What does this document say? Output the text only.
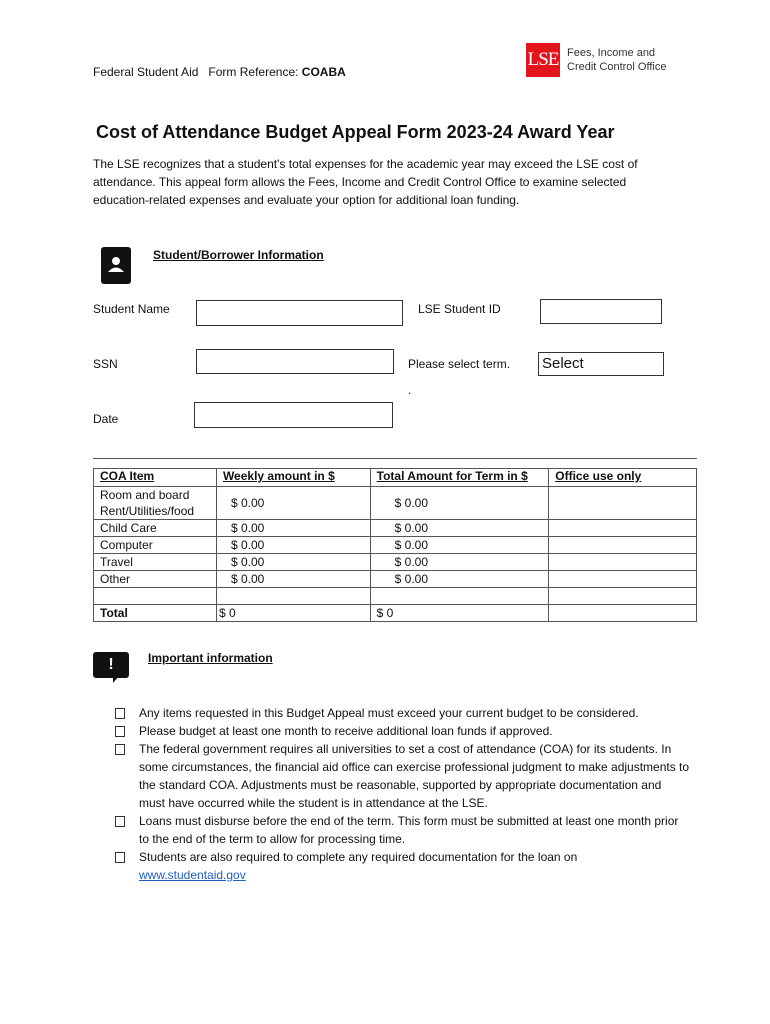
Federal Student Aid Form Reference: COABA
LSE Fees, Income and
Credit Control Office
Cost of Attendance Budget Appeal Form 2023-24 Award Year
The LSE recognizes that a student's total expenses for the academic year may exceed the LSE cost of attendance. This appeal form allows the Fees, Income and Credit Control Office to examine selected education-related expenses and evaluate your option for additional loan funding.
Student/Borrower Information
Student Name	LSE Student ID
SSN	Please select term. Select
.
Date
COA Item	Weekly amount in $	Total Amount for Term in $	Office use only
Room and board Rent/Utilities/food	$ 0.00	$ 0.00	
Child Care	$ 0.00	$ 0.00	
Computer	$ 0.00	$ 0.00	
Travel	$ 0.00	$ 0.00	
Other	$ 0.00	$ 0.00	

Total	$ 0	$ 0	
!	Important information
Any items requested in this Budget Appeal must exceed your current budget to be considered.
Please budget at least one month to receive additional loan funds if approved.
The federal government requires all universities to set a cost of attendance (COA) for its students. In some circumstances, the financial aid office can exercise professional judgment to make adjustments to the standard COA. Adjustments must be reasonable, supported by appropriate documentation and must have occurred while the student is in attendance at the LSE.
Loans must disburse before the end of the term. This form must be submitted at least one month prior to the end of the term to allow for processing time.
Students are also required to complete any required documentation for the loan on
www.studentaid.gov
